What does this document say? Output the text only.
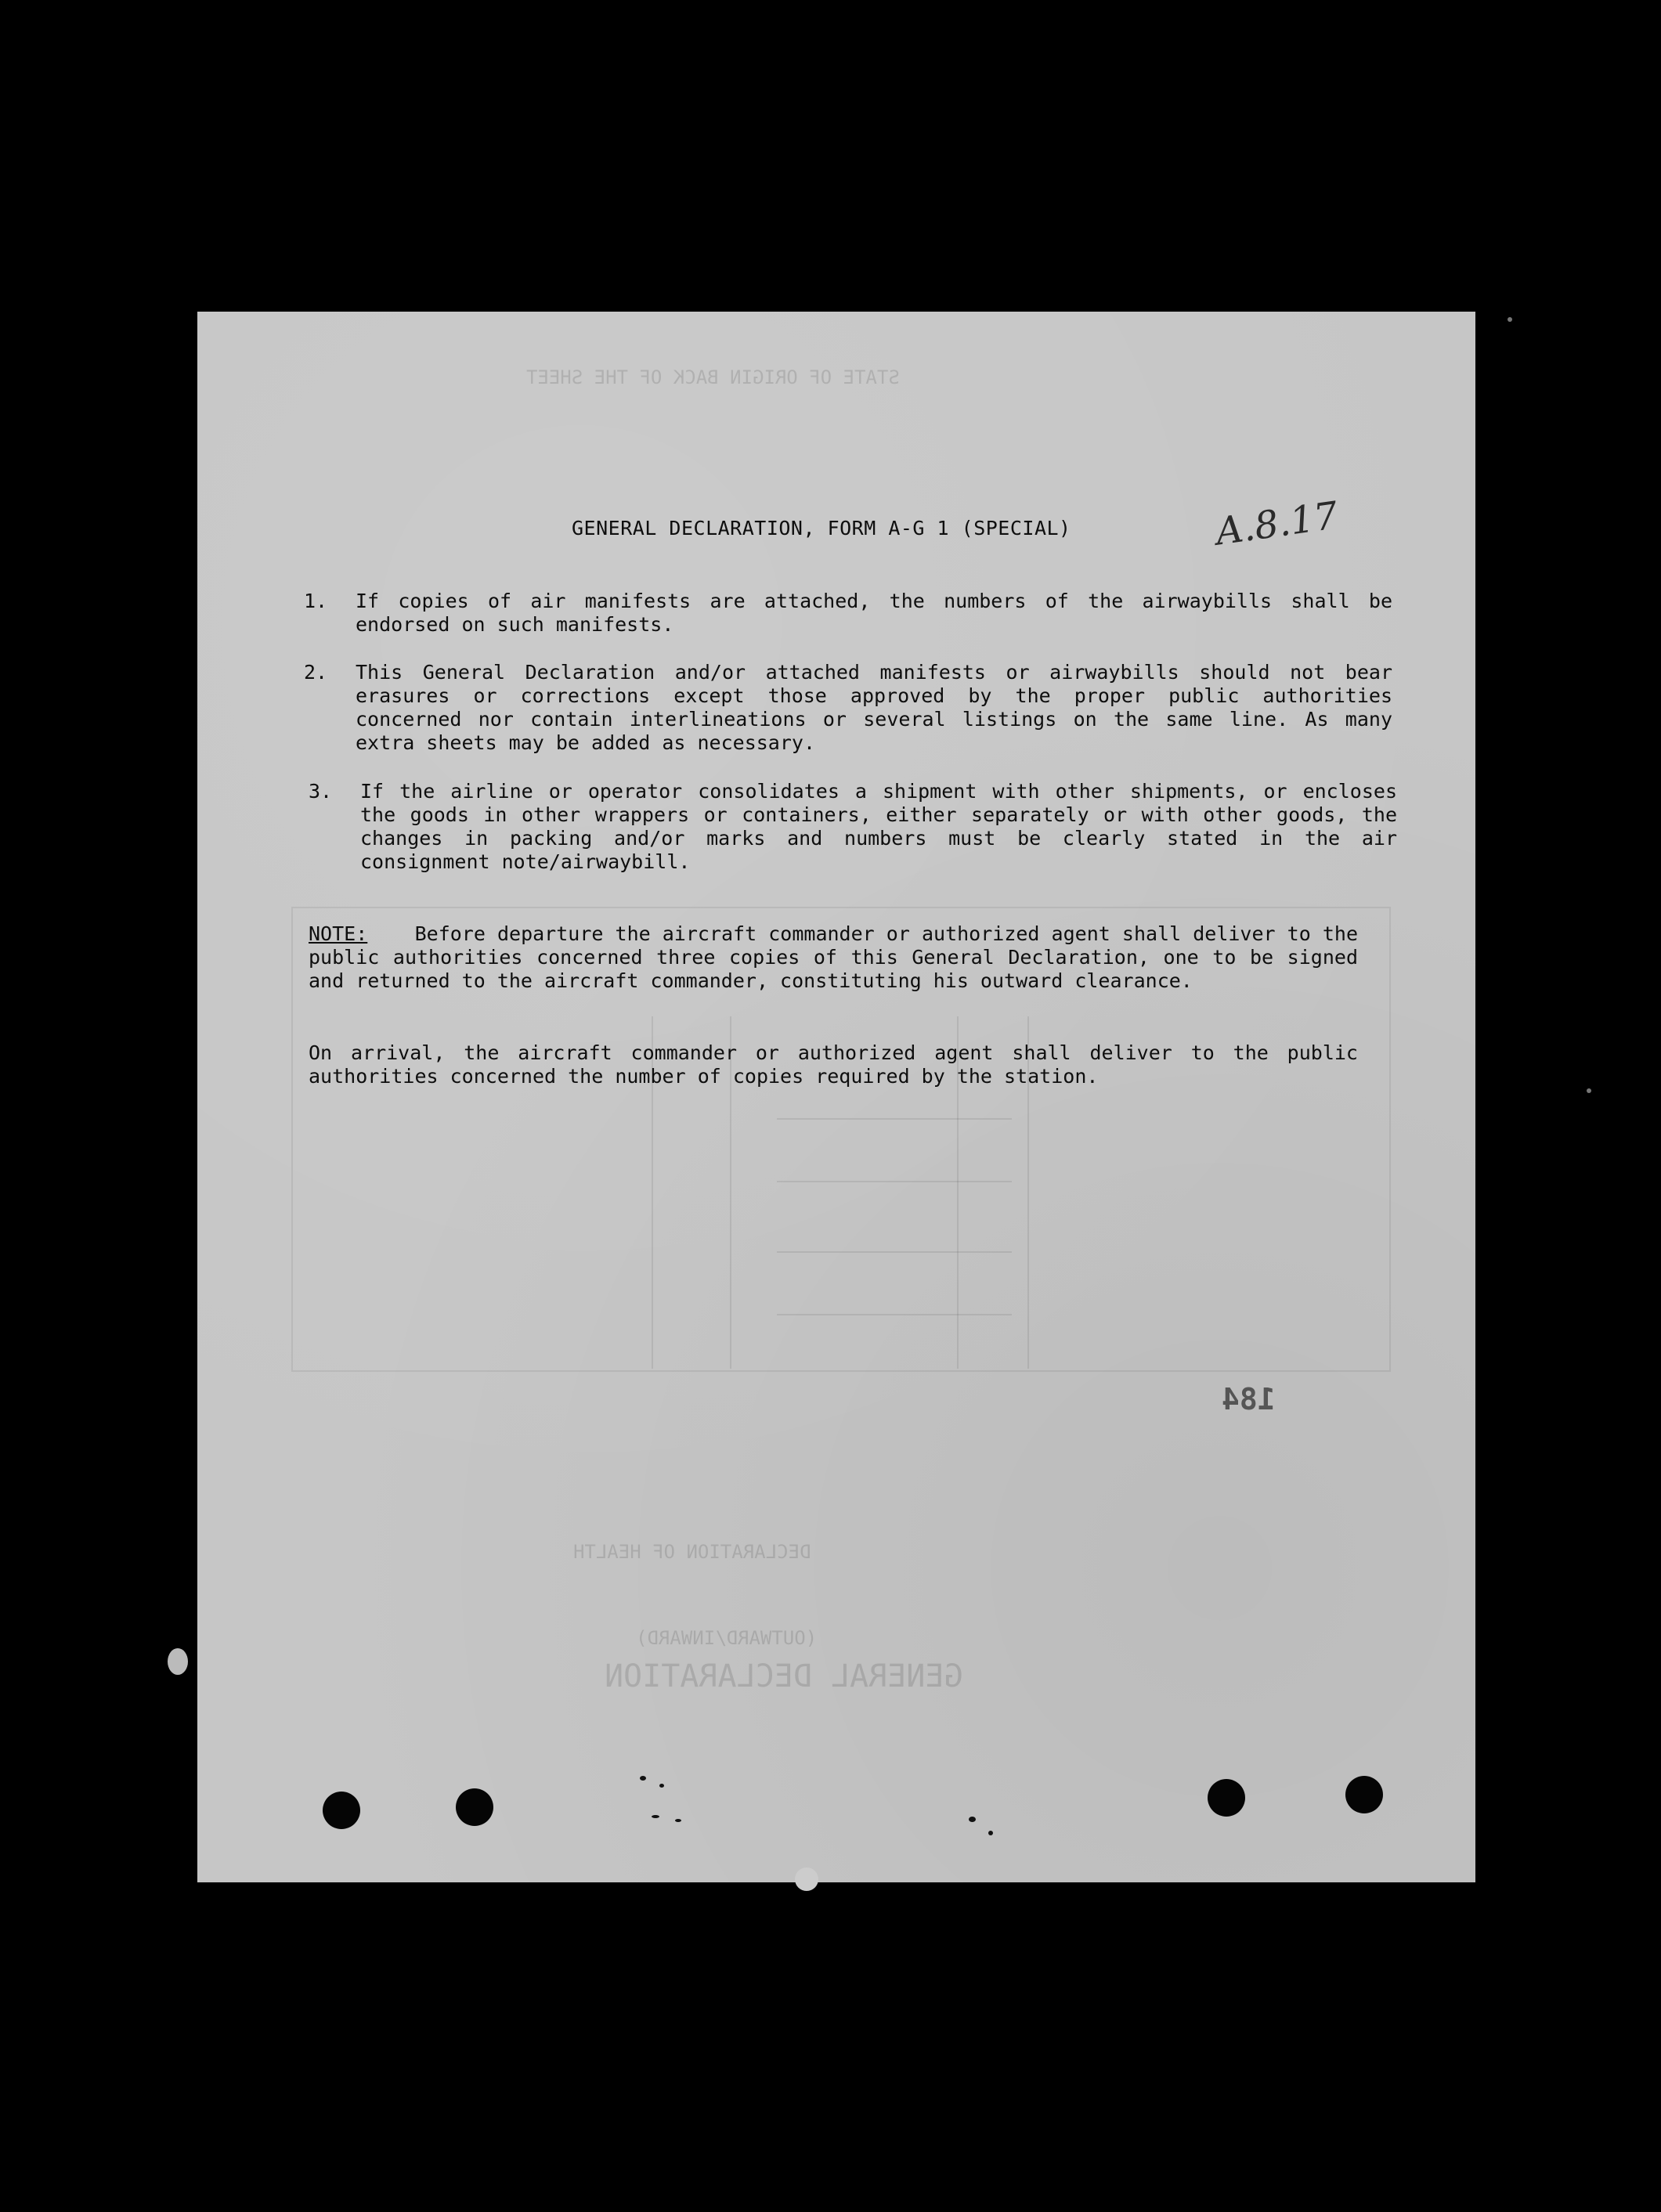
STATE OF ORIGIN BACK OF THE SHEET
DECLARATION OF HEALTH
(OUTWARD/INWARD)
GENERAL DECLARATION
A.8.17
GENERAL DECLARATION, FORM A-G 1 (SPECIAL)
1.	If copies of air manifests are attached, the numbers of the airwaybills shall be endorsed on such manifests.
2.	This General Declaration and/or attached manifests or airwaybills should not bear erasures or corrections except those approved by the proper public authorities concerned nor contain interlineations or several listings on the same line. As many extra sheets may be added as necessary.
3.	If the airline or operator consolidates a shipment with other shipments, or encloses the goods in other wrappers or containers, either separately or with other goods, the changes in packing and/or marks and numbers must be clearly stated in the air consignment note/airwaybill.
NOTE: Before departure the aircraft commander or authorized agent shall deliver to the public authorities concerned three copies of this General Declaration, one to be signed and returned to the aircraft commander, constituting his outward clearance.
On arrival, the aircraft commander or authorized agent shall deliver to the public authorities concerned the number of copies required by the station.
184
